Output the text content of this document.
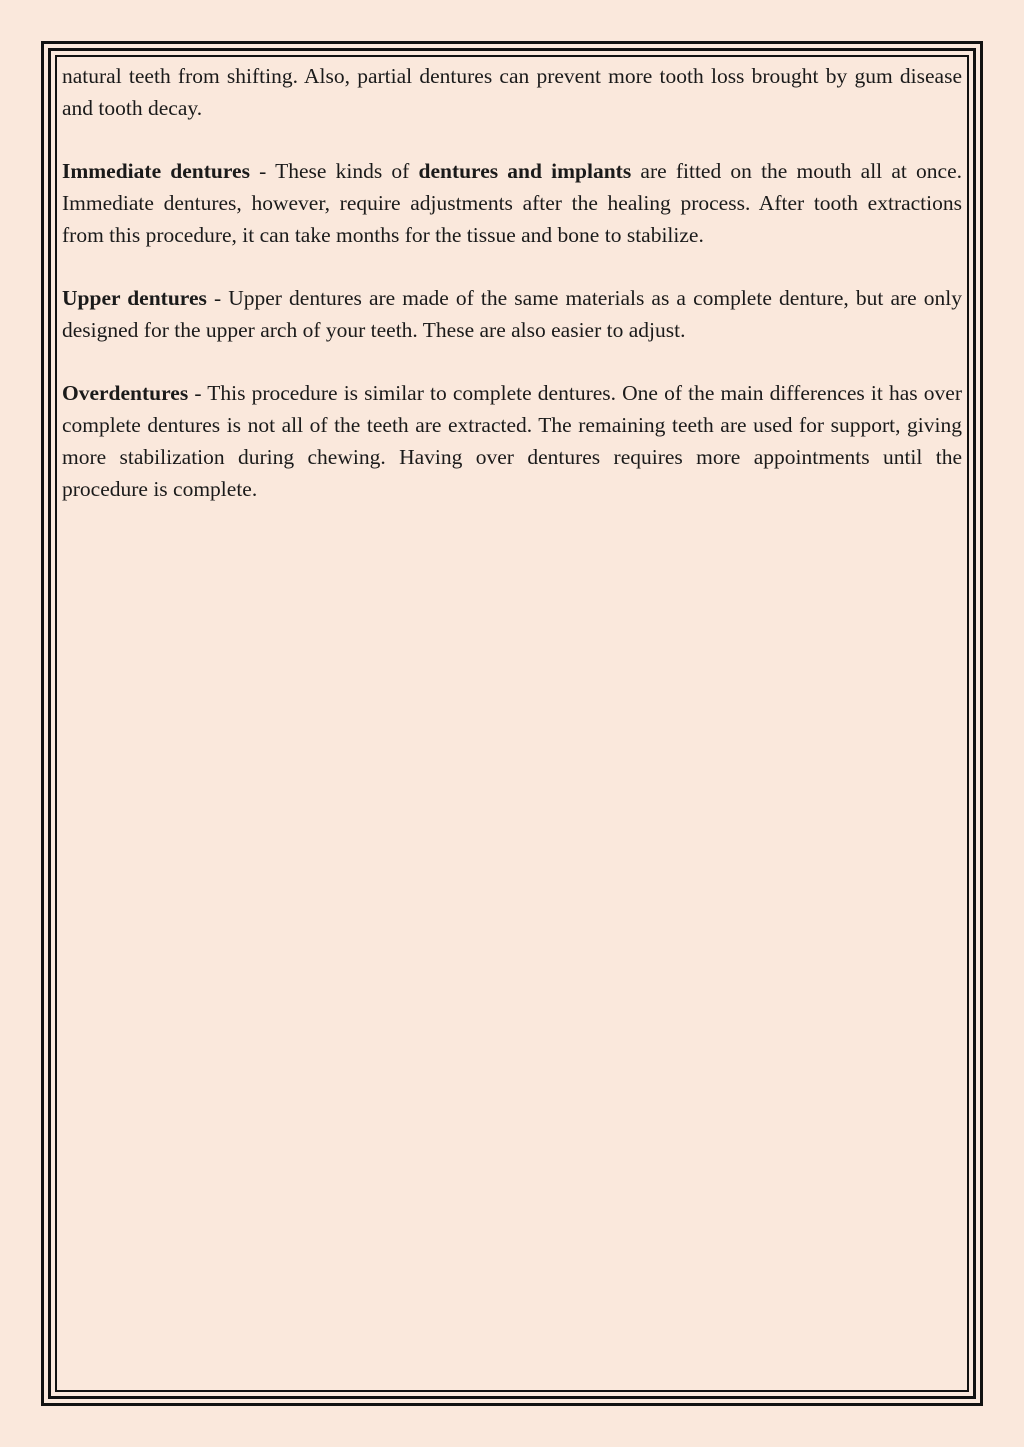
natural teeth from shifting. Also, partial dentures can prevent more tooth loss brought by gum disease and tooth decay.

Immediate dentures - These kinds of dentures and implants are fitted on the mouth all at once. Immediate dentures, however, require adjustments after the healing process. After tooth extractions from this procedure, it can take months for the tissue and bone to stabilize.

Upper dentures - Upper dentures are made of the same materials as a complete denture, but are only designed for the upper arch of your teeth. These are also easier to adjust.

Overdentures - This procedure is similar to complete dentures. One of the main differences it has over complete dentures is not all of the teeth are extracted. The remaining teeth are used for support, giving more stabilization during chewing. Having over dentures requires more appointments until the procedure is complete.
